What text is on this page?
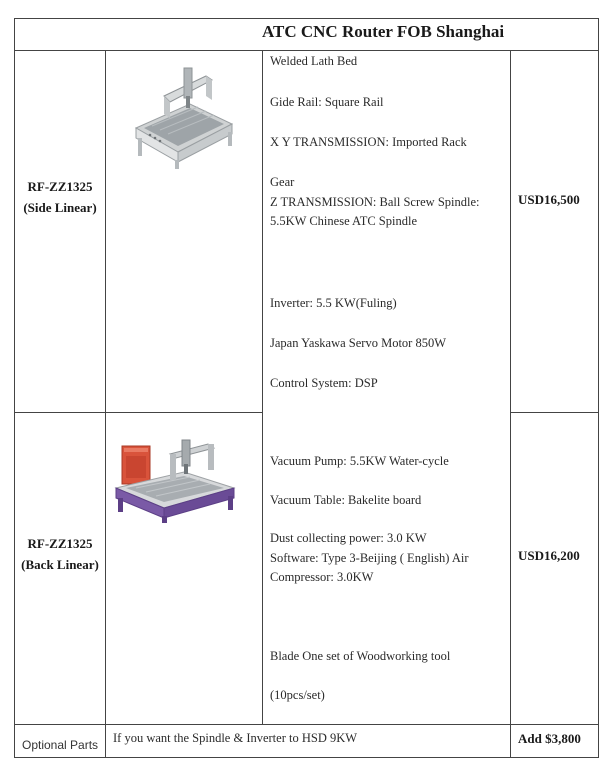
ATC CNC Router FOB Shanghai
RF-ZZ1325
(Side Linear)
USD16,500
Welded Lath Bed
Gide Rail: Square Rail
X Y TRANSMISSION: Imported Rack
Gear
Z TRANSMISSION: Ball Screw Spindle:
5.5KW Chinese ATC Spindle
Inverter: 5.5 KW(Fuling)
Japan Yaskawa Servo Motor 850W
Control System: DSP
Vacuum Pump: 5.5KW Water-cycle
Vacuum Table: Bakelite board
Dust collecting power: 3.0 KW
Software: Type 3-Beijing ( English) Air
Compressor: 3.0KW
Blade One set of Woodworking tool
(10pcs/set)
RF-ZZ1325
(Back Linear)
USD16,200
Optional Parts If you want the Spindle & Inverter to HSD 9KW	Add $3,800
